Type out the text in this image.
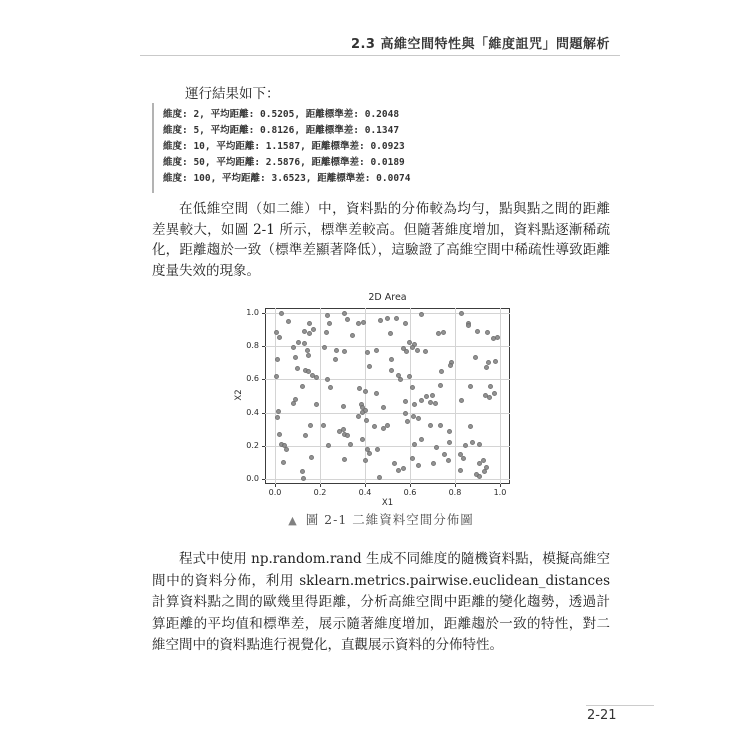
2.3 高維空間特性與「維度詛咒」問題解析

運行結果如下：

維度: 2, 平均距離: 0.5205, 距離標準差: 0.2048
維度: 5, 平均距離: 0.8126, 距離標準差: 0.1347
維度: 10, 平均距離: 1.1587, 距離標準差: 0.0923
維度: 50, 平均距離: 2.5876, 距離標準差: 0.0189
維度: 100, 平均距離: 3.6523, 距離標準差: 0.0074

在低維空間（如二維）中，資料點的分佈較為均勻，點與點之間的距離差異較大，如圖 2-1 所示，標準差較高。但隨著維度增加，資料點逐漸稀疏化，距離趨於一致（標準差顯著降低），這驗證了高維空間中稀疏性導致距離度量失效的現象。

2D Area
X2
X1
0.0	0.2	0.4	0.6	0.8	1.0
0.0
0.2
0.4
0.6
0.8
1.0
▲ 圖 2-1 二維資料空間分佈圖

程式中使用 np.random.rand 生成不同維度的隨機資料點，模擬高維空間中的資料分佈，利用 sklearn.metrics.pairwise.euclidean_distances 計算資料點之間的歐幾里得距離，分析高維空間中距離的變化趨勢，透過計算距離的平均值和標準差，展示隨著維度增加，距離趨於一致的特性，對二維空間中的資料點進行視覺化，直觀展示資料的分佈特性。

2-21
